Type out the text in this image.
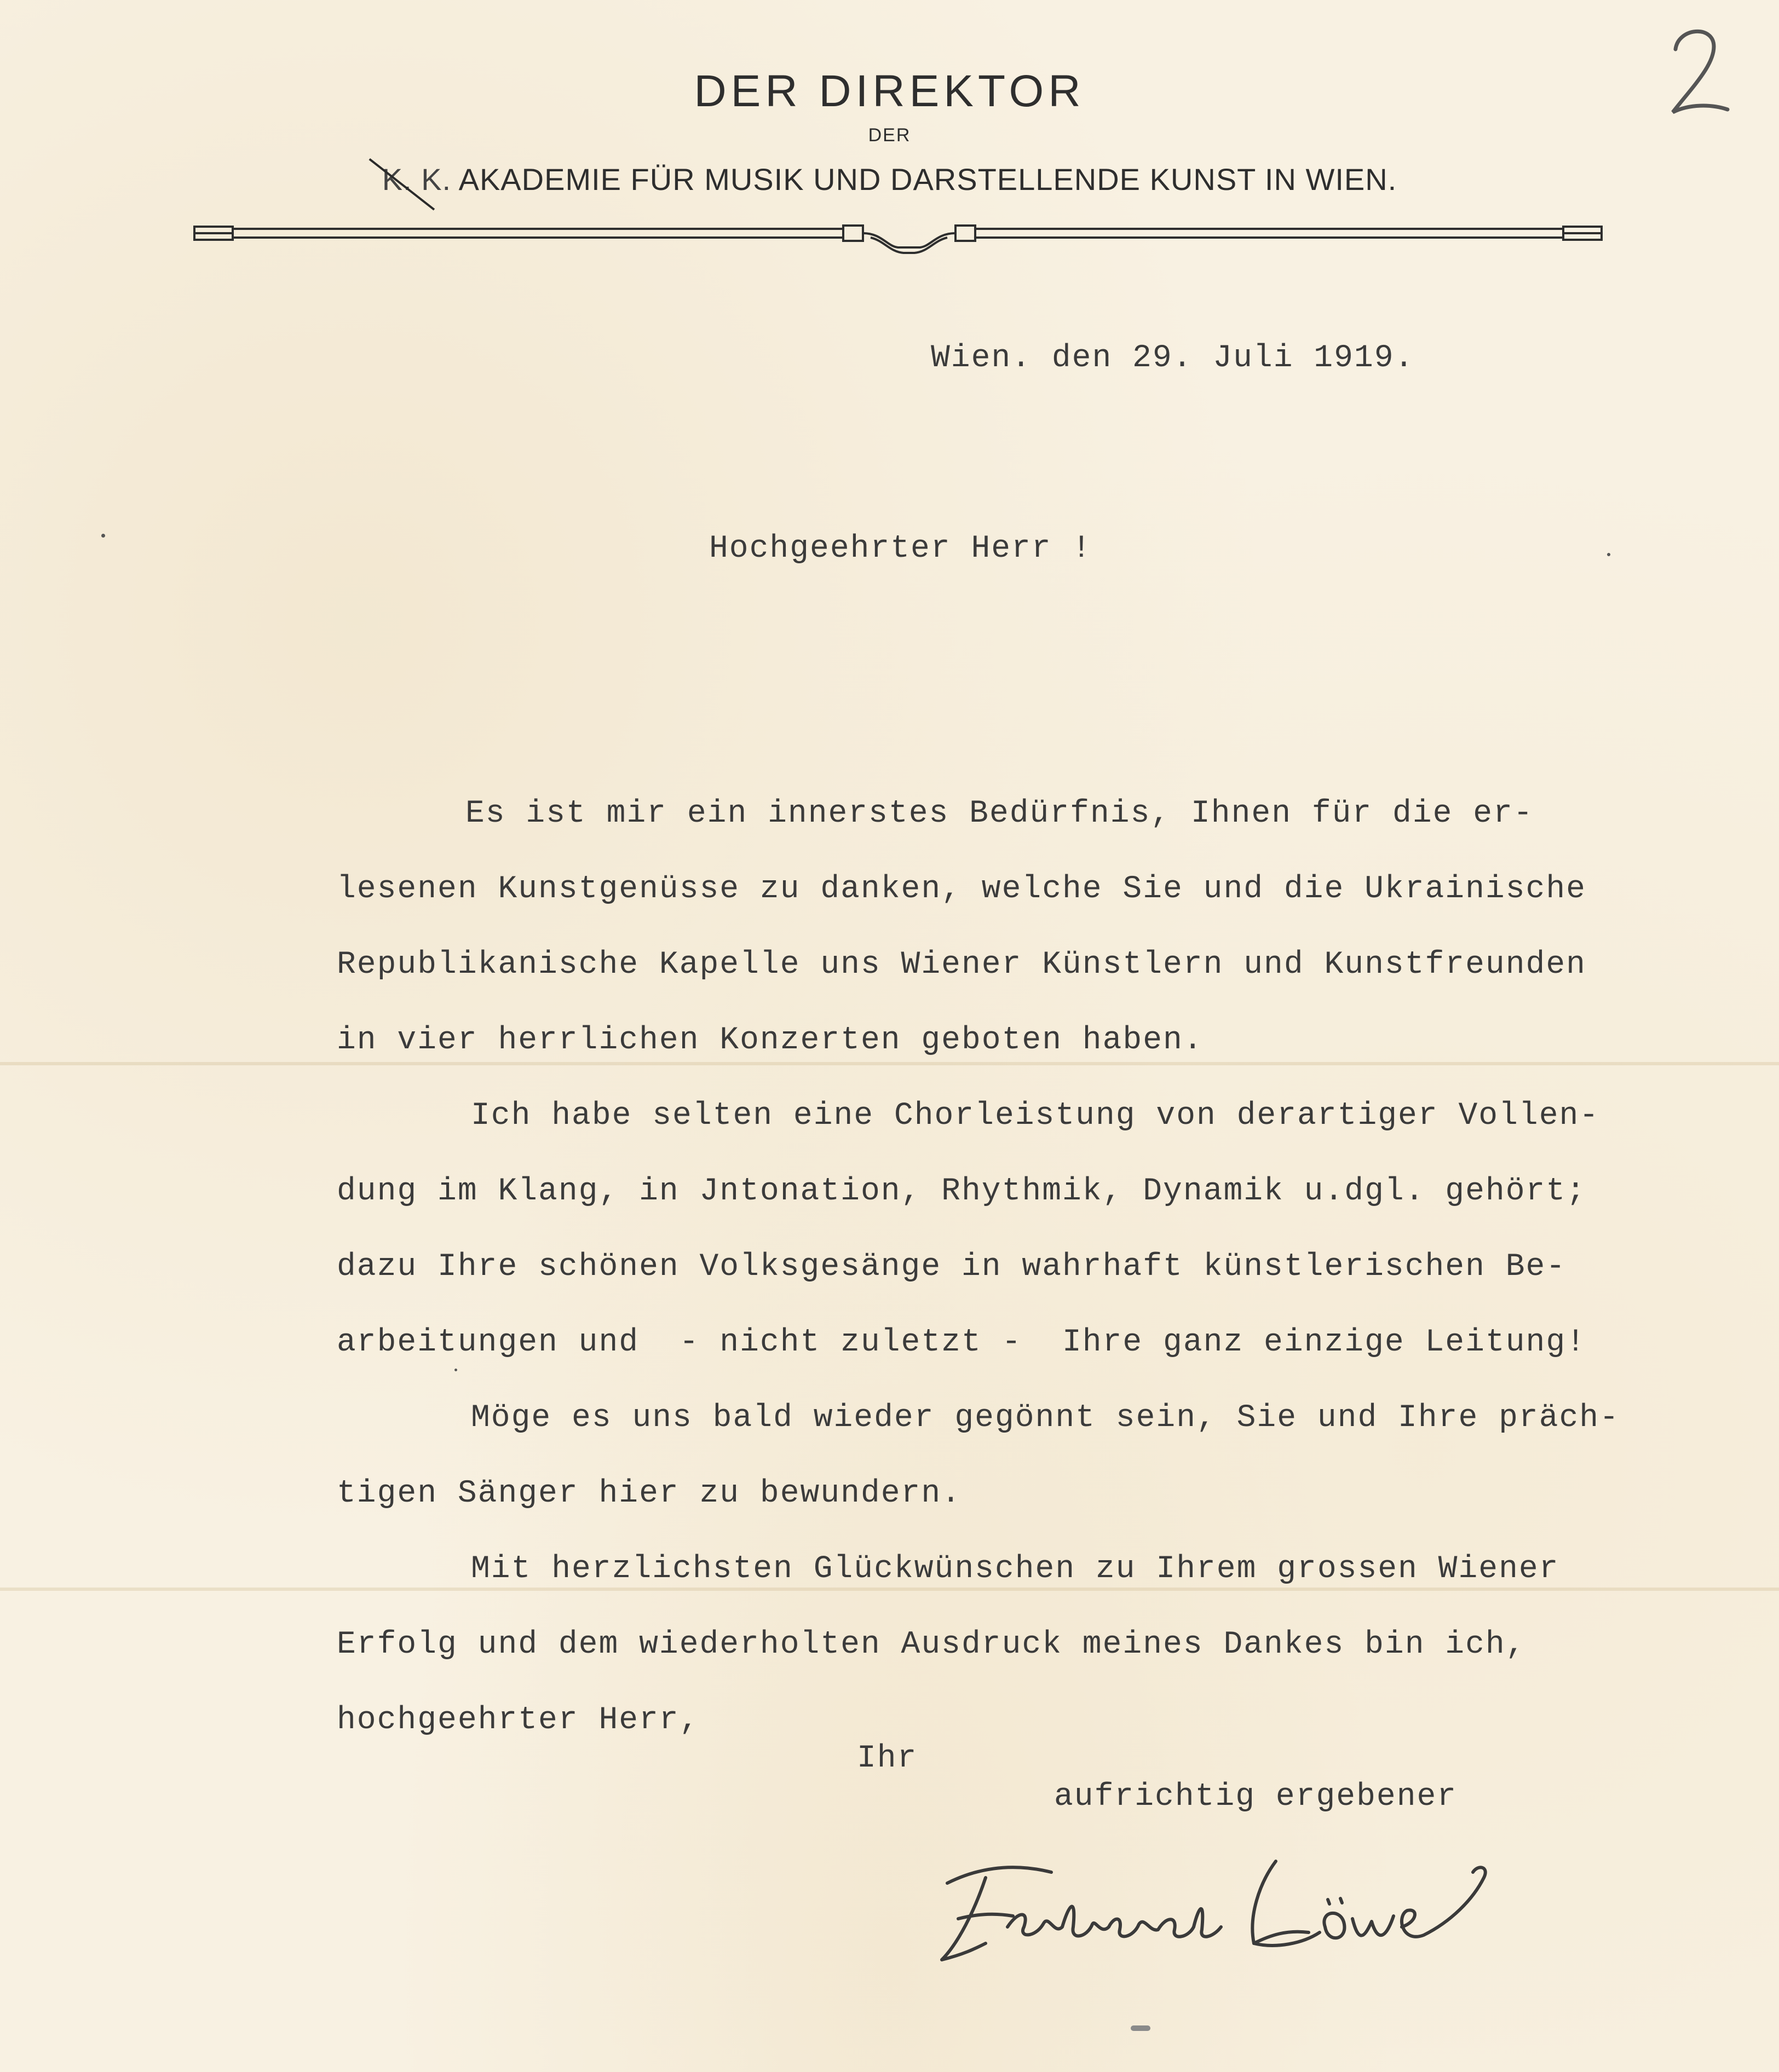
DER DIREKTOR
DER
K. K. AKADEMIE FÜR MUSIK UND DARSTELLENDE KUNST IN WIEN.
Wien. den 29. Juli 1919.
Hochgeehrter Herr !
Es ist mir ein innerstes Bedürfnis, Ihnen für die er-
lesenen Kunstgenüsse zu danken, welche Sie und die Ukrainische
Republikanische Kapelle uns Wiener Künstlern und Kunstfreunden
in vier herrlichen Konzerten geboten haben.
Ich habe selten eine Chorleistung von derartiger Vollen-
dung im Klang, in Jntonation, Rhythmik, Dynamik u.dgl. gehört;
dazu Ihre schönen Volksgesänge in wahrhaft künstlerischen Be-
arbeitungen und  - nicht zuletzt -  Ihre ganz einzige Leitung!
Möge es uns bald wieder gegönnt sein, Sie und Ihre präch-
tigen Sänger hier zu bewundern.
Mit herzlichsten Glückwünschen zu Ihrem grossen Wiener
Erfolg und dem wiederholten Ausdruck meines Dankes bin ich,
hochgeehrter Herr,
Ihr
aufrichtig ergebener
